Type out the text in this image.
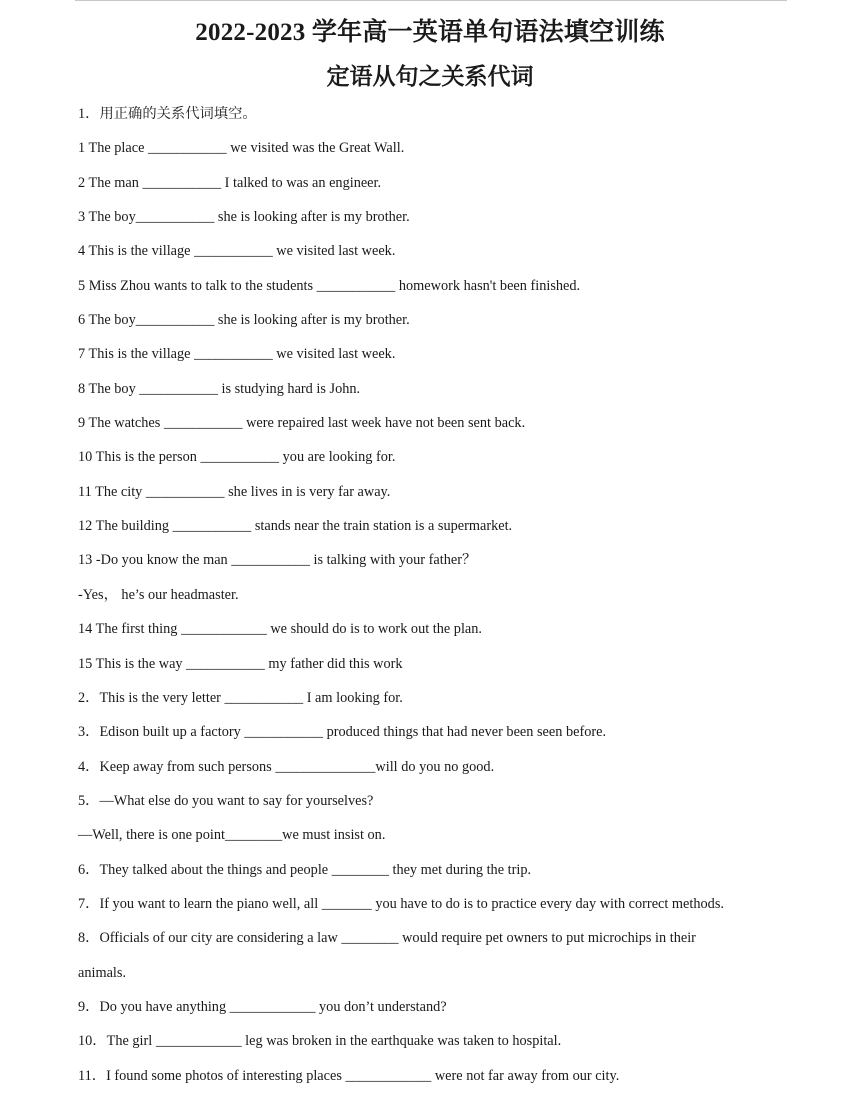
2022-2023 学年高一英语单句语法填空训练
定语从句之关系代词
1．用正确的关系代词填空。
1 The place ___________ we visited was the Great Wall.
2 The man ___________ I talked to was an engineer.
3 The boy___________ she is looking after is my brother.
4 This is the village ___________ we visited last week.
5 Miss Zhou wants to talk to the students ___________ homework hasn't been finished.
6 The boy___________ she is looking after is my brother.
7 This is the village ___________ we visited last week.
8 The boy ___________ is studying hard is John.
9 The watches ___________ were repaired last week have not been sent back.
10 This is the person ___________ you are looking for.
11 The city ___________ she lives in is very far away.
12 The building ___________ stands near the train station is a supermarket.
13 -Do you know the man ___________ is talking with your father？
-Yes， he’s our headmaster.
14 The first thing ____________ we should do is to work out the plan.
15 This is the way ___________ my father did this work
2．This is the very letter ___________ I am looking for.
3．Edison built up a factory ___________ produced things that had never been seen before.
4．Keep away from such persons ______________will do you no good.
5．—What else do you want to say for yourselves?
—Well, there is one point________we must insist on.
6．They talked about the things and people ________ they met during the trip.
7．If you want to learn the piano well, all _______ you have to do is to practice every day with correct methods.
8．Officials of our city are considering a law ________ would require pet owners to put microchips in their
animals.
9．Do you have anything ____________ you don’t understand?
10．The girl ____________ leg was broken in the earthquake was taken to hospital.
11．I found some photos of interesting places ____________ were not far away from our city.
